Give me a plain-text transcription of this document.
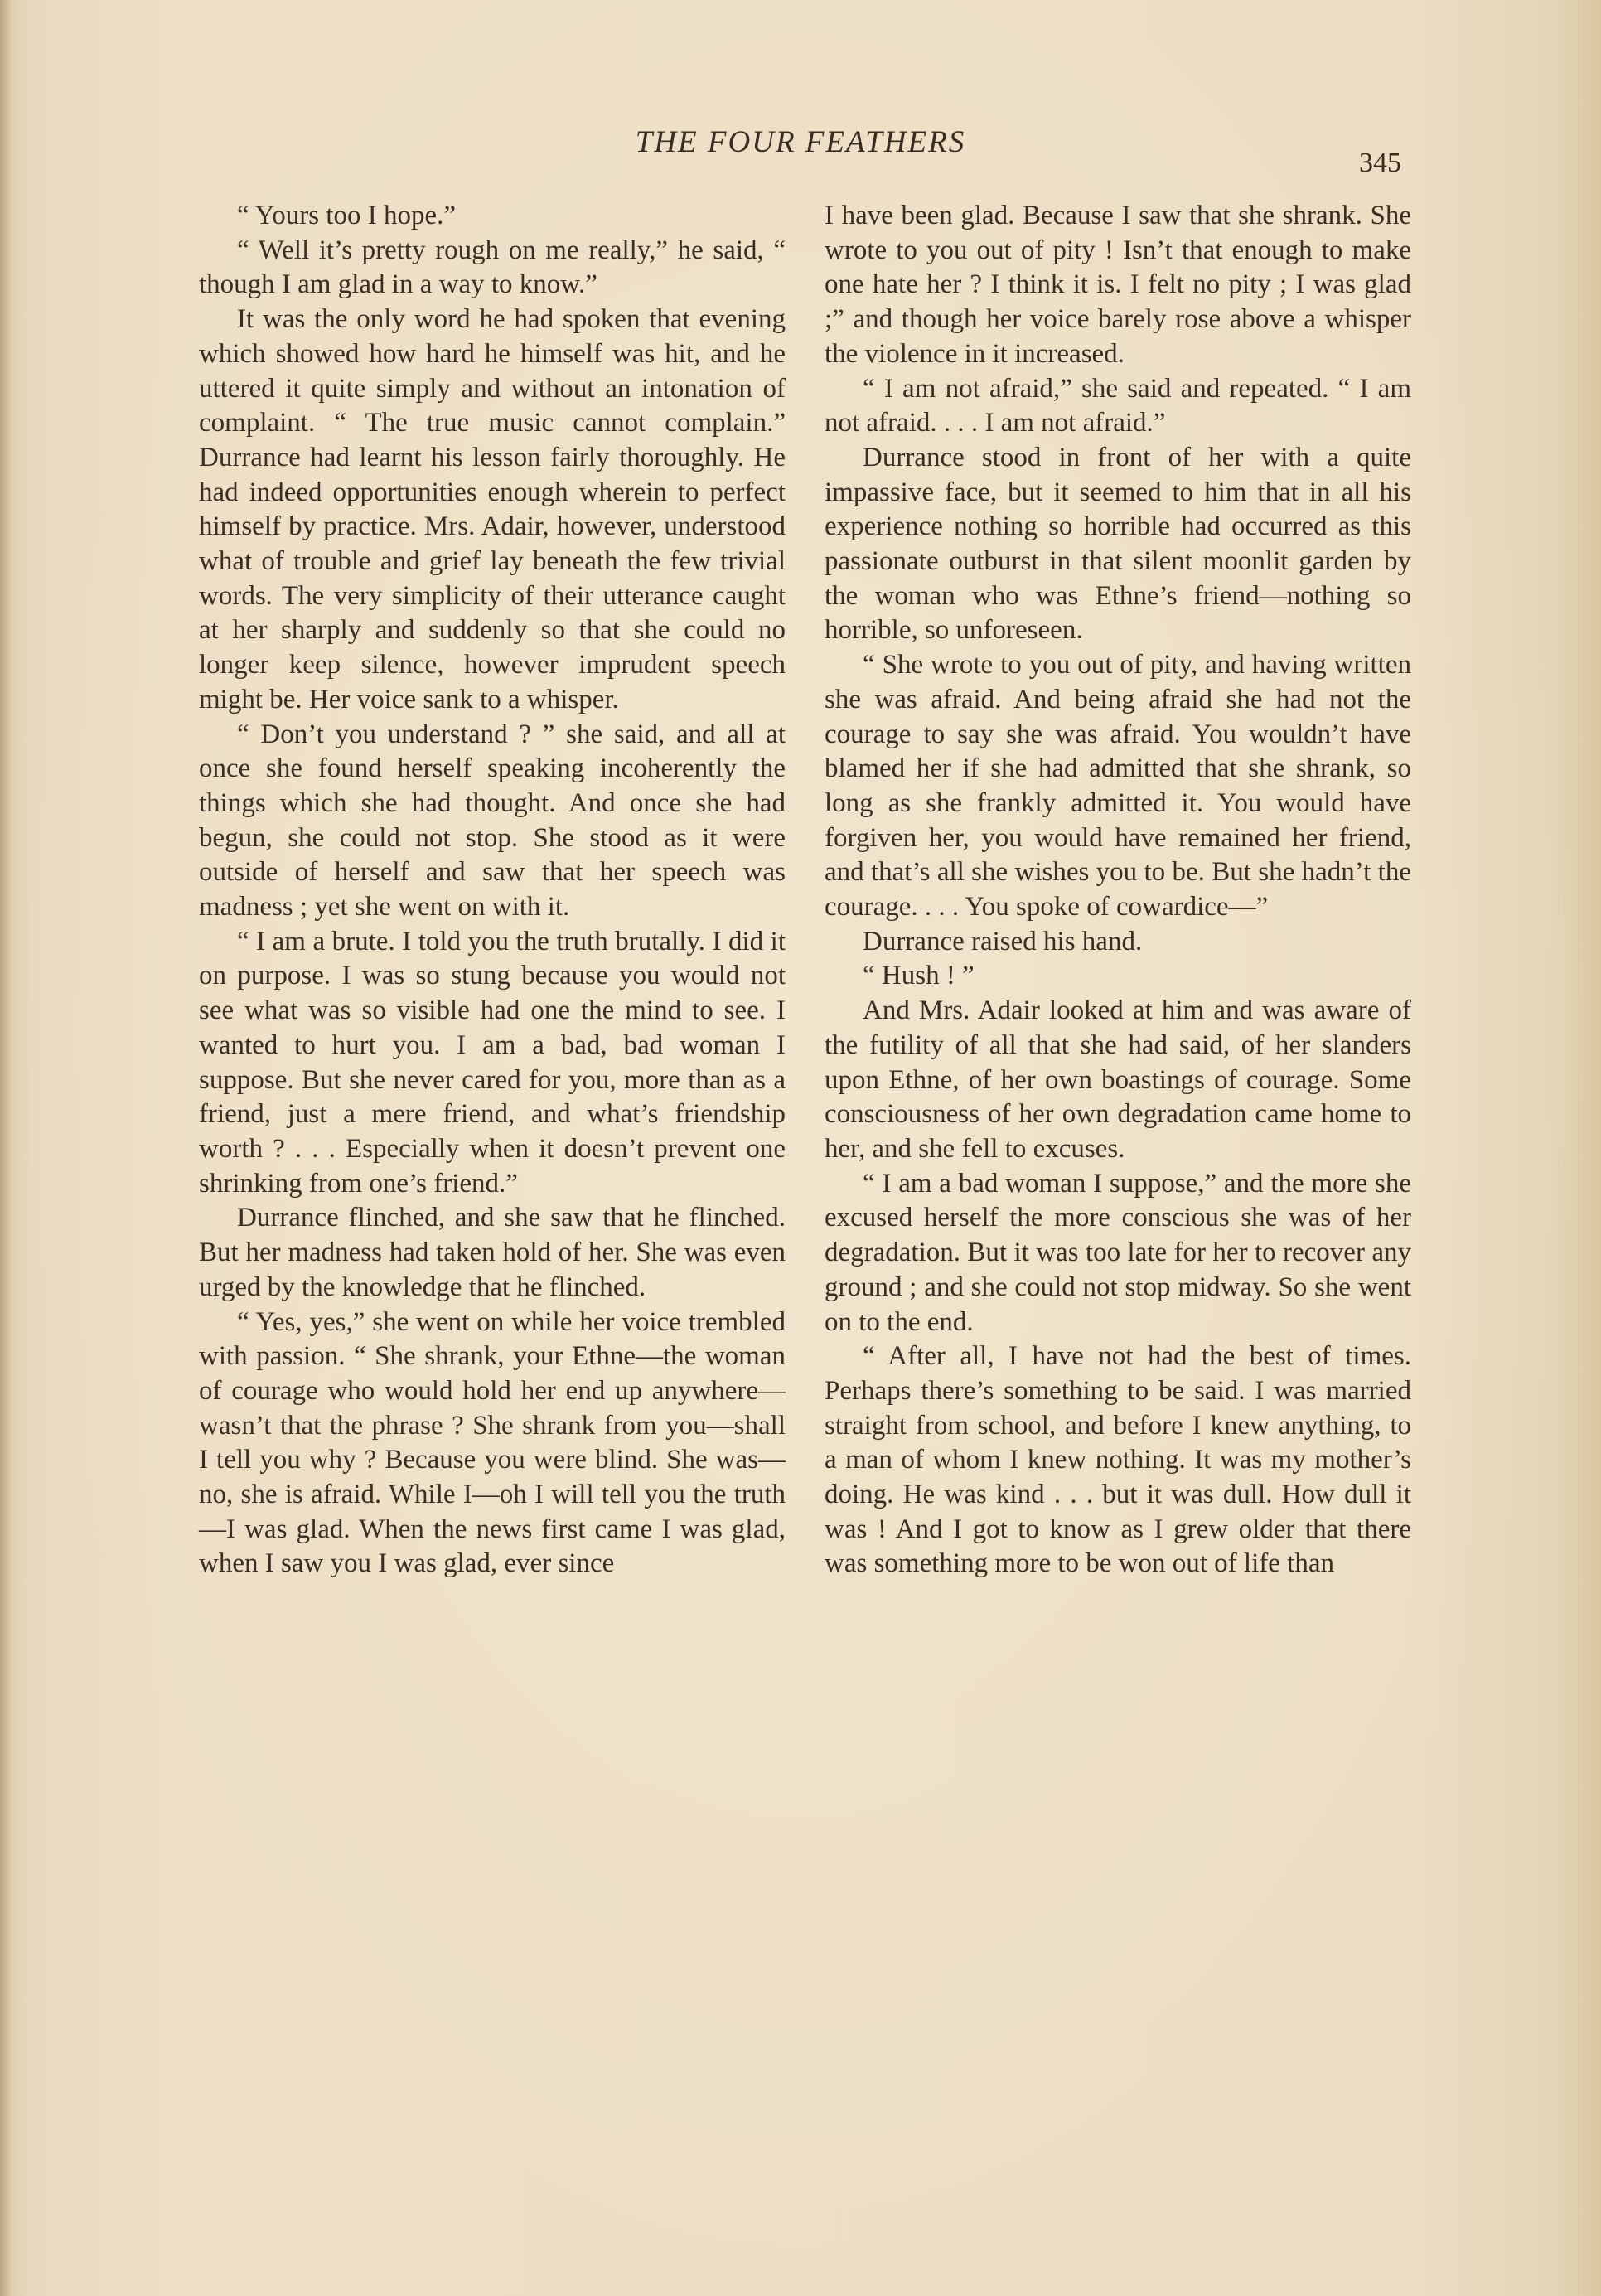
THE FOUR FEATHERS
345

“ Yours too I hope.”

“ Well it’s pretty rough on me really,” he said, “ though I am glad in a way to know.”

It was the only word he had spoken that evening which showed how hard he himself was hit, and he uttered it quite simply and without an intonation of complaint. “ The true music cannot complain.” Durrance had learnt his lesson fairly thoroughly. He had indeed opportunities enough wherein to perfect himself by practice. Mrs. Adair, however, understood what of trouble and grief lay beneath the few trivial words. The very simplicity of their utterance caught at her sharply and suddenly so that she could no longer keep silence, however imprudent speech might be. Her voice sank to a whisper.

“ Don’t you understand ? ” she said, and all at once she found herself speaking incoherently the things which she had thought. And once she had begun, she could not stop. She stood as it were outside of herself and saw that her speech was madness ; yet she went on with it.

“ I am a brute. I told you the truth brutally. I did it on purpose. I was so stung because you would not see what was so visible had one the mind to see. I wanted to hurt you. I am a bad, bad woman I suppose. But she never cared for you, more than as a friend, just a mere friend, and what’s friendship worth ? . . . Especially when it doesn’t prevent one shrinking from one’s friend.”

Durrance flinched, and she saw that he flinched. But her madness had taken hold of her. She was even urged by the knowledge that he flinched.

“ Yes, yes,” she went on while her voice trembled with passion. “ She shrank, your Ethne—the woman of courage who would hold her end up anywhere—wasn’t that the phrase ? She shrank from you—shall I tell you why ? Because you were blind. She was—no, she is afraid. While I—oh I will tell you the truth—I was glad. When the news first came I was glad, when I saw you I was glad, ever since

I have been glad. Because I saw that she shrank. She wrote to you out of pity ! Isn’t that enough to make one hate her ? I think it is. I felt no pity ; I was glad ;” and though her voice barely rose above a whisper the violence in it increased.

“ I am not afraid,” she said and repeated. “ I am not afraid. . . . I am not afraid.”

Durrance stood in front of her with a quite impassive face, but it seemed to him that in all his experience nothing so horrible had occurred as this passionate outburst in that silent moonlit garden by the woman who was Ethne’s friend—nothing so horrible, so unforeseen.

“ She wrote to you out of pity, and having written she was afraid. And being afraid she had not the courage to say she was afraid. You wouldn’t have blamed her if she had admitted that she shrank, so long as she frankly admitted it. You would have forgiven her, you would have remained her friend, and that’s all she wishes you to be. But she hadn’t the courage. . . . You spoke of cowardice—”

Durrance raised his hand.

“ Hush ! ”

And Mrs. Adair looked at him and was aware of the futility of all that she had said, of her slanders upon Ethne, of her own boastings of courage. Some consciousness of her own degradation came home to her, and she fell to excuses.

“ I am a bad woman I suppose,” and the more she excused herself the more conscious she was of her degradation. But it was too late for her to recover any ground ; and she could not stop midway. So she went on to the end.

“ After all, I have not had the best of times. Perhaps there’s something to be said. I was married straight from school, and before I knew anything, to a man of whom I knew nothing. It was my mother’s doing. He was kind . . . but it was dull. How dull it was ! And I got to know as I grew older that there was something more to be won out of life than
